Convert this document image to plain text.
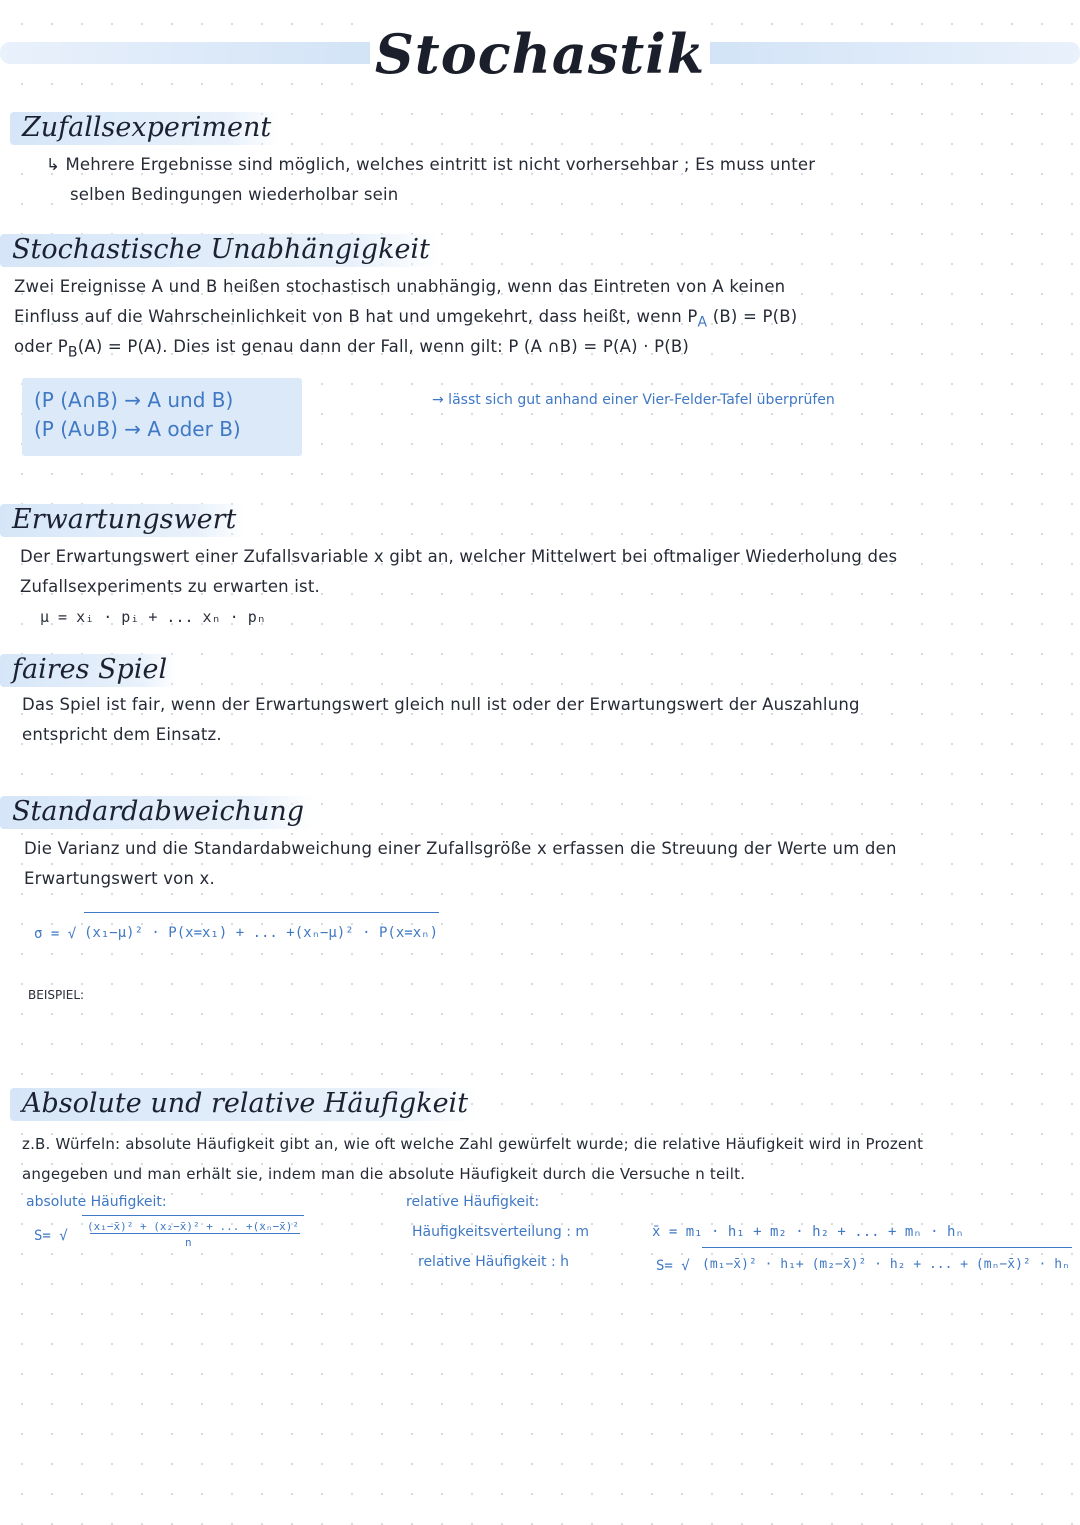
Stochastik
Zufallsexperiment
↳ Mehrere Ergebnisse sind möglich, welches eintritt ist nicht vorhersehbar ; Es muss unter
selben Bedingungen wiederholbar sein
Stochastische Unabhängigkeit
Zwei Ereignisse A und B heißen stochastisch unabhängig, wenn das Eintreten von A keinen
Einfluss auf die Wahrscheinlichkeit von B hat und umgekehrt, dass heißt, wenn $P_A$ (B) = P(B)
oder $P_B(A) = P(A)$. Dies ist genau dann der Fall, wenn gilt: P (A ∩B) = P(A) · P(B)
(P (A∩B) → A und B)
(P (A∪B) → A oder B)
→ lässt sich gut anhand einer Vier-Felder-Tafel überprüfen
Erwartungswert
Der Erwartungswert einer Zufallsvariable x gibt an, welcher Mittelwert bei oftmaliger Wiederholung des
Zufallsexperiments zu erwarten ist.
μ = xᵢ · pᵢ + ... xₙ · pₙ
faires Spiel
Das Spiel ist fair, wenn der Erwartungswert gleich null ist oder der Erwartungswert der Auszahlung
entspricht dem Einsatz.
Standardabweichung
Die Varianz und die Standardabweichung einer Zufallsgröße x erfassen die Streuung der Werte um den
Erwartungswert von x.
σ = √ (x₁−μ)² · P(x=x₁) + ... +(xₙ−μ)² · P(x=xₙ)
BEISPIEL:
Absolute und relative Häufigkeit
z.B. Würfeln: absolute Häufigkeit gibt an, wie oft welche Zahl gewürfelt wurde; die relative Häufigkeit wird in Prozent
angegeben und man erhält sie, indem man die absolute Häufigkeit durch die Versuche n teilt.
absolute Häufigkeit:
S= √
(x₁−x̄)² + (x₂−x̄)² + ... +(xₙ−x̄)²
n
relative Häufigkeit:
Häufigkeitsverteilung : m
relative Häufigkeit : h
x̄ = m₁ · h₁ + m₂ · h₂ + ... + mₙ · hₙ
S= √ (m₁−x̄)² · h₁+ (m₂−x̄)² · h₂ + ... + (mₙ−x̄)² · hₙ
